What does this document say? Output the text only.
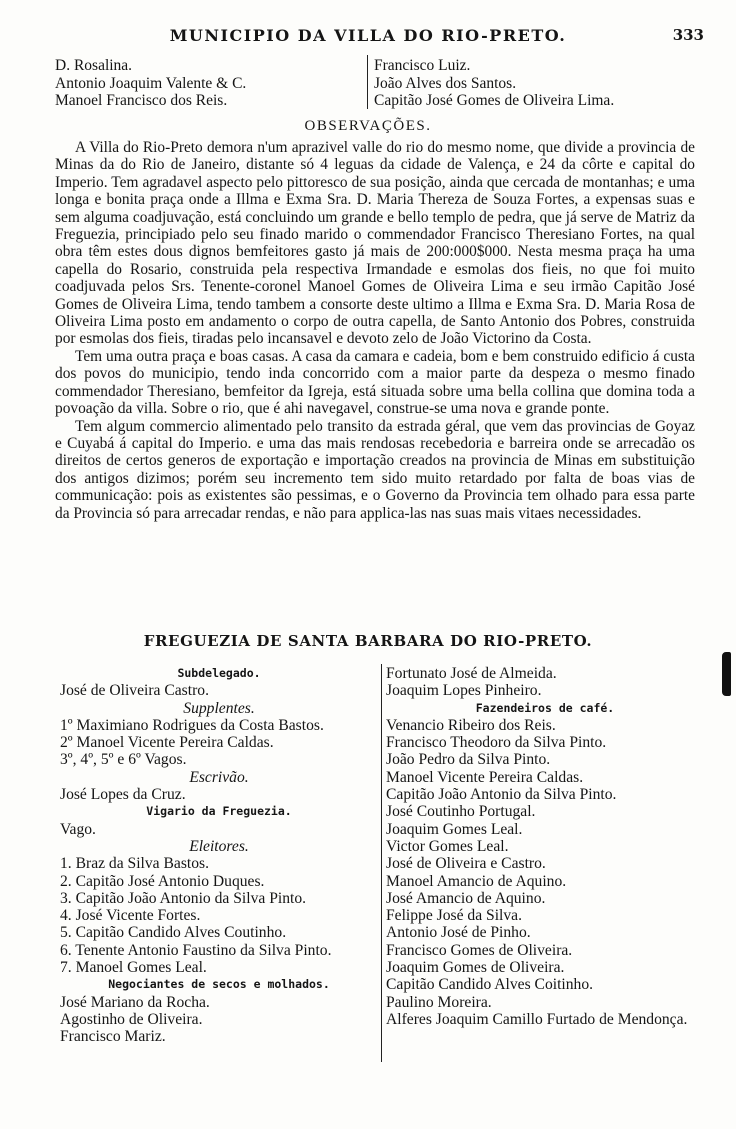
MUNICIPIO DA VILLA DO RIO-PRETO.	333
D. Rosalina.
Antonio Joaquim Valente & C.
Manoel Francisco dos Reis.
Francisco Luiz.
João Alves dos Santos.
Capitão José Gomes de Oliveira Lima.
OBSERVAÇÕES.

A Villa do Rio-Preto demora n'um aprazivel valle do rio do mesmo nome, que divide a provincia de Minas da do Rio de Janeiro, distante só 4 leguas da cidade de Valença, e 24 da côrte e capital do Imperio. Tem agradavel aspecto pelo pittoresco de sua posição, ainda que cercada de montanhas; e uma longa e bonita praça onde a Illma e Exma Sra. D. Maria Thereza de Souza Fortes, a expensas suas e sem alguma coadjuvação, está concluindo um grande e bello templo de pedra, que já serve de Matriz da Freguezia, principiado pelo seu finado marido o commendador Francisco Theresiano Fortes, na qual obra têm estes dous dignos bemfeitores gasto já mais de 200:000$000. Nesta mesma praça ha uma capella do Rosario, construida pela respectiva Irmandade e esmolas dos fieis, no que foi muito coadjuvada pelos Srs. Tenente-coronel Manoel Gomes de Oliveira Lima e seu irmão Capitão José Gomes de Oliveira Lima, tendo tambem a consorte deste ultimo a Illma e Exma Sra. D. Maria Rosa de Oliveira Lima posto em andamento o corpo de outra capella, de Santo Antonio dos Pobres, construida por esmolas dos fieis, tiradas pelo incansavel e devoto zelo de João Victorino da Costa.

Tem uma outra praça e boas casas. A casa da camara e cadeia, bom e bem construido edificio á custa dos povos do municipio, tendo inda concorrido com a maior parte da despeza o mesmo finado commendador Theresiano, bemfeitor da Igreja, está situada sobre uma bella collina que domina toda a povoação da villa. Sobre o rio, que é ahi navegavel, construe-se uma nova e grande ponte.

Tem algum commercio alimentado pelo transito da estrada géral, que vem das provincias de Goyaz e Cuyabá á capital do Imperio. e uma das mais rendosas recebedoria e barreira onde se arrecadão os direitos de certos generos de exportação e importação creados na provincia de Minas em substituição dos antigos dizimos; porém seu incremento tem sido muito retardado por falta de boas vias de communicação: pois as existentes são pessimas, e o Governo da Provincia tem olhado para essa parte da Provincia só para arrecadar rendas, e não para applica-las nas suas mais vitaes necessidades.

FREGUEZIA DE SANTA BARBARA DO RIO-PRETO.
Subdelegado.
José de Oliveira Castro.
Supplentes.
1º Maximiano Rodrigues da Costa Bastos.
2º Manoel Vicente Pereira Caldas.
3º, 4º, 5º e 6º Vagos.
Escrivão.
José Lopes da Cruz.
Vigario da Freguezia.
Vago.
Eleitores.
1. Braz da Silva Bastos.
2. Capitão José Antonio Duques.
3. Capitão João Antonio da Silva Pinto.
4. José Vicente Fortes.
5. Capitão Candido Alves Coutinho.
6. Tenente Antonio Faustino da Silva Pinto.
7. Manoel Gomes Leal.
Negociantes de secos e molhados.
José Mariano da Rocha.
Agostinho de Oliveira.
Francisco Mariz.
Fortunato José de Almeida.
Joaquim Lopes Pinheiro.
Fazendeiros de café.
Venancio Ribeiro dos Reis.
Francisco Theodoro da Silva Pinto.
João Pedro da Silva Pinto.
Manoel Vicente Pereira Caldas.
Capitão João Antonio da Silva Pinto.
José Coutinho Portugal.
Joaquim Gomes Leal.
Victor Gomes Leal.
José de Oliveira e Castro.
Manoel Amancio de Aquino.
José Amancio de Aquino.
Felippe José da Silva.
Antonio José de Pinho.
Francisco Gomes de Oliveira.
Joaquim Gomes de Oliveira.
Capitão Candido Alves Coitinho.
Paulino Moreira.
Alferes Joaquim Camillo Furtado de Mendonça.
